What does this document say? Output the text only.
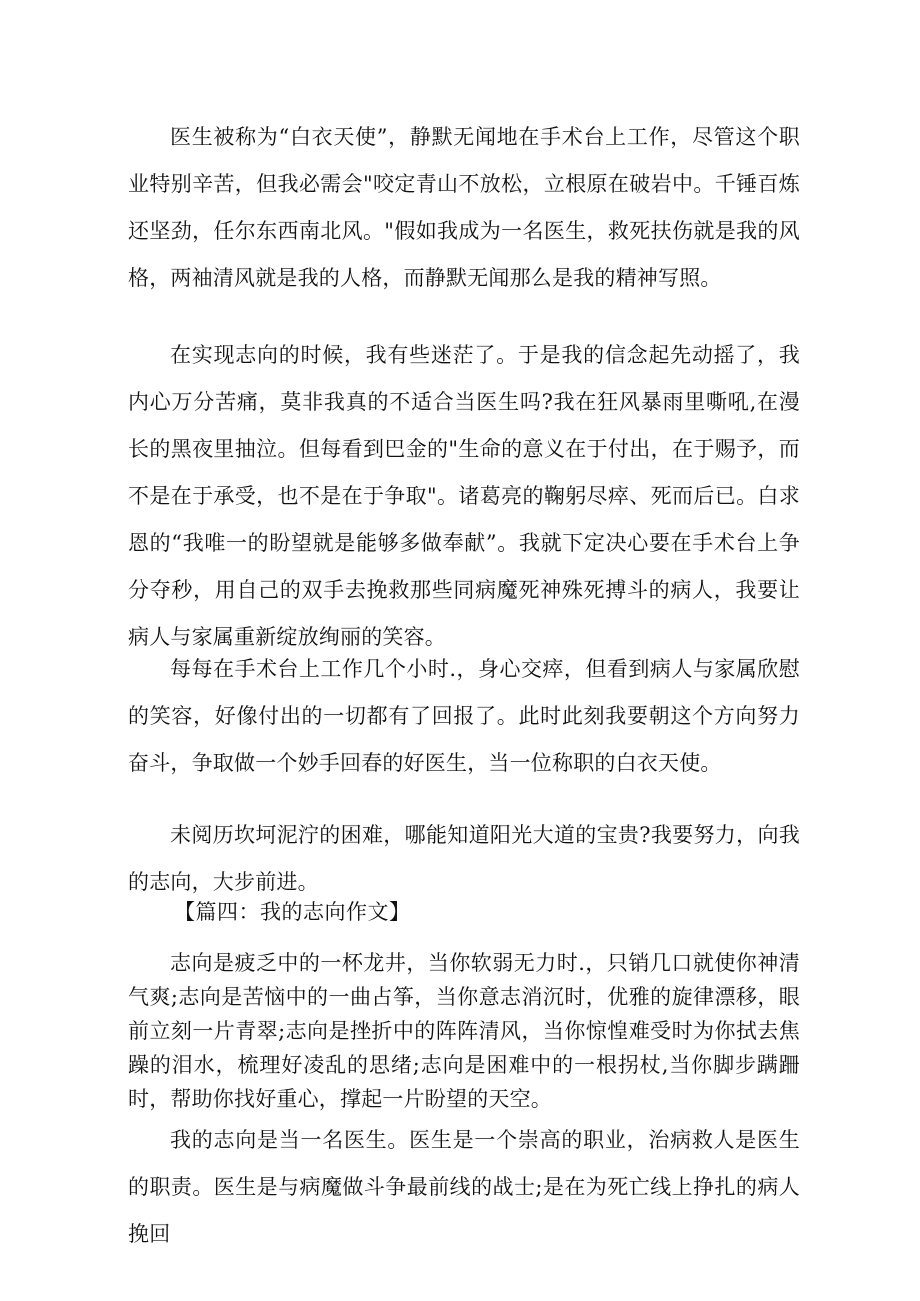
医生被称为“白衣天使”，静默无闻地在手术台上工作，尽管这个职业特别辛苦，但我必需会"咬定青山不放松，立根原在破岩中。千锤百炼还坚劲，任尔东西南北风。"假如我成为一名医生，救死扶伤就是我的风格，两袖清风就是我的人格，而静默无闻那么是我的精神写照。

在实现志向的时候，我有些迷茫了。于是我的信念起先动摇了，我内心万分苦痛，莫非我真的不适合当医生吗?我在狂风暴雨里嘶吼,在漫长的黑夜里抽泣。但每看到巴金的"生命的意义在于付出，在于赐予，而不是在于承受，也不是在于争取"。诸葛亮的鞠躬尽瘁、死而后已。白求恩的“我唯一的盼望就是能够多做奉献”。我就下定决心要在手术台上争分夺秒，用自己的双手去挽救那些同病魔死神殊死搏斗的病人，我要让病人与家属重新绽放绚丽的笑容。

每每在手术台上工作几个小时.，身心交瘁，但看到病人与家属欣慰的笑容，好像付出的一切都有了回报了。此时此刻我要朝这个方向努力奋斗，争取做一个妙手回春的好医生，当一位称职的白衣天使。

未阅历坎坷泥泞的困难，哪能知道阳光大道的宝贵?我要努力，向我的志向，大步前进。

【篇四：我的志向作文】

志向是疲乏中的一杯龙井，当你软弱无力时.，只销几口就使你神清气爽;志向是苦恼中的一曲占筝，当你意志消沉时，优雅的旋律漂移，眼前立刻一片青翠;志向是挫折中的阵阵清风，当你惊惶难受时为你拭去焦躁的泪水，梳理好凌乱的思绪;志向是困难中的一根拐杖,当你脚步蹒跚时，帮助你找好重心，撑起一片盼望的天空。

我的志向是当一名医生。医生是一个崇高的职业，治病救人是医生的职责。医生是与病魔做斗争最前线的战士;是在为死亡线上挣扎的病人挽回
